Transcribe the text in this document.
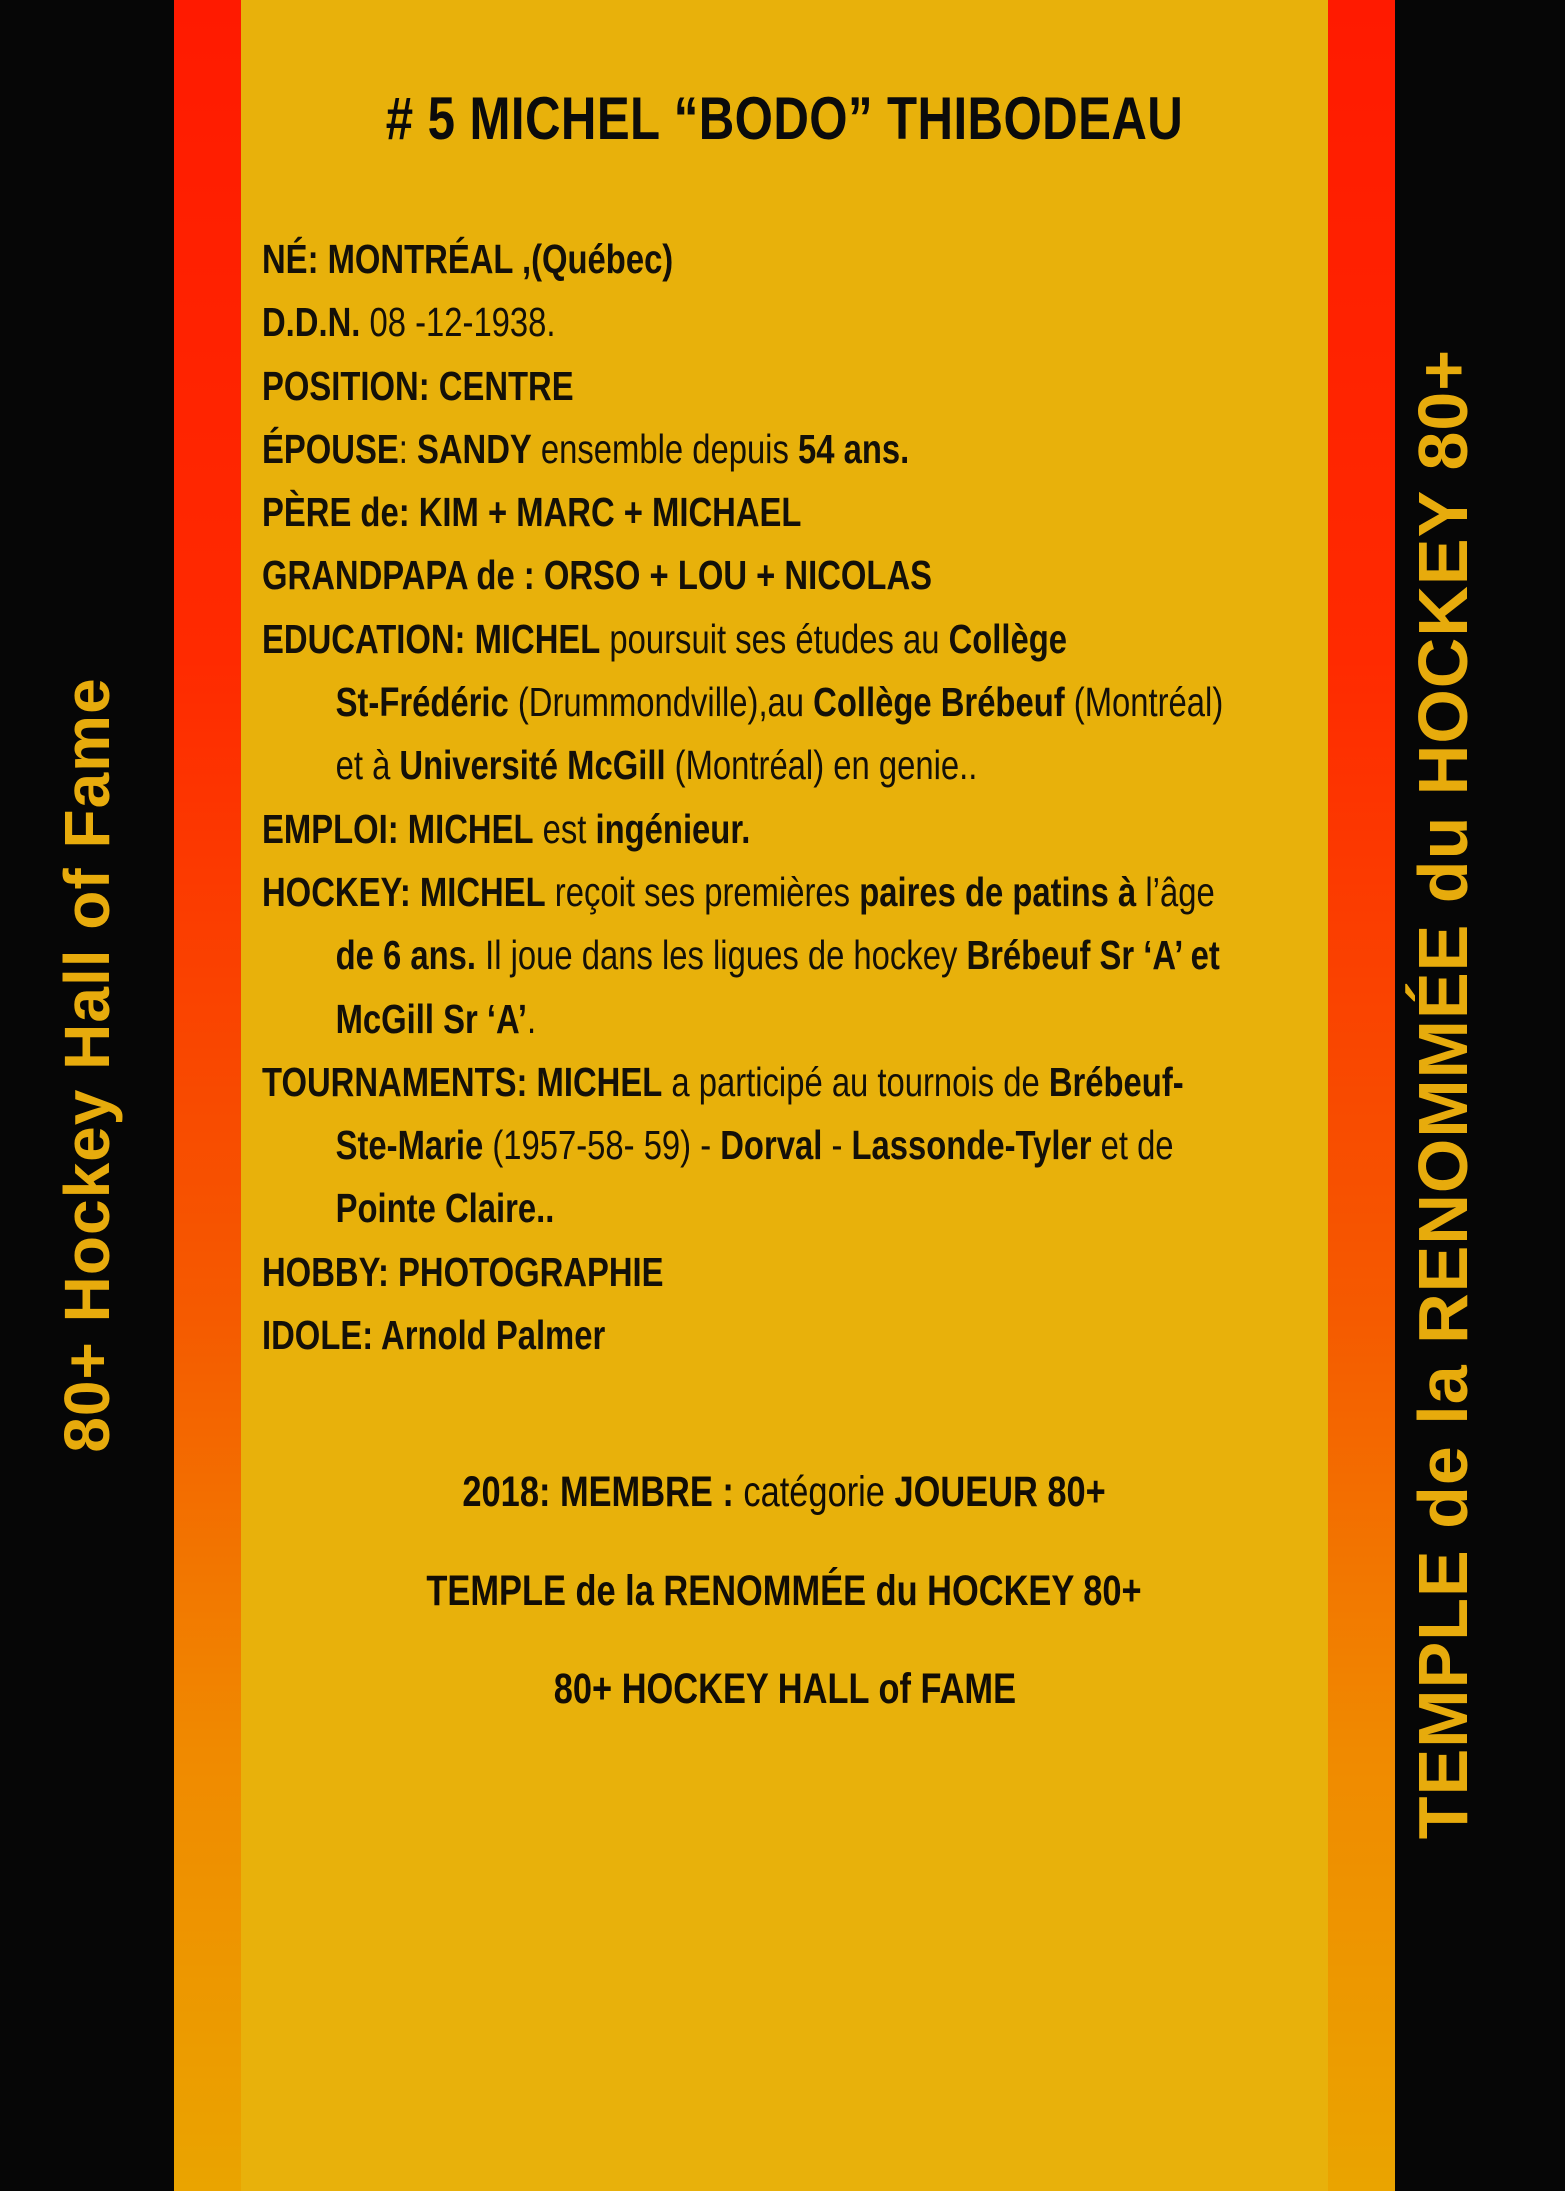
80+ Hockey Hall of Fame	TEMPLE de la RENOMMÉE du HOCKEY 80+
# 5 MICHEL “BODO” THIBODEAU
NÉ: MONTRÉAL ,(Québec)
D.D.N. 08 -12-1938.
POSITION: CENTRE
ÉPOUSE: SANDY ensemble depuis 54 ans.
PÈRE de: KIM + MARC + MICHAEL
GRANDPAPA de : ORSO + LOU + NICOLAS
EDUCATION: MICHEL poursuit ses études au Collège
St-Frédéric (Drummondville),au Collège Brébeuf (Montréal)
et à Université McGill (Montréal) en genie..
EMPLOI: MICHEL est ingénieur.
HOCKEY: MICHEL reçoit ses premières paires de patins à l’âge
de 6 ans. Il joue dans les ligues de hockey Brébeuf Sr ‘A’ et
McGill Sr ‘A’.
TOURNAMENTS: MICHEL a participé au tournois de Brébeuf-
Ste-Marie (1957-58- 59) - Dorval - Lassonde-Tyler et de
Pointe Claire..
HOBBY: PHOTOGRAPHIE
IDOLE: Arnold Palmer
2018: MEMBRE : catégorie JOUEUR 80+
TEMPLE de la RENOMMÉE du HOCKEY 80+
80+ HOCKEY HALL of FAME
